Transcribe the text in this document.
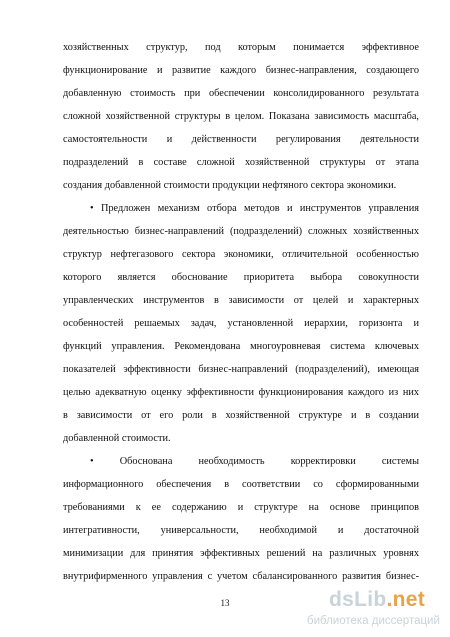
хозяйственных структур, под которым понимается эффективное
функционирование и развитие каждого бизнес-направления, создающего
добавленную стоимость при обеспечении консолидированного результата
сложной хозяйственной структуры в целом. Показана зависимость масштаба,
самостоятельности и действенности регулирования деятельности
подразделений в составе сложной хозяйственной структуры от этапа
создания добавленной стоимости продукции нефтяного сектора экономики.
• Предложен механизм отбора методов и инструментов управления
деятельностью бизнес-направлений (подразделений) сложных хозяйственных
структур нефтегазового сектора экономики, отличительной особенностью
которого является обоснование приоритета выбора совокупности
управленческих инструментов в зависимости от целей и характерных
особенностей решаемых задач, установленной иерархии, горизонта и
функций управления. Рекомендована многоуровневая система ключевых
показателей эффективности бизнес-направлений (подразделений), имеющая
целью адекватную оценку эффективности функционирования каждого из них
в зависимости от его роли в хозяйственной структуре и в создании
добавленной стоимости.
• Обоснована необходимость корректировки системы
информационного обеспечения в соответствии со сформированными
требованиями к ее содержанию и структуре на основе принципов
интегративности, универсальности, необходимой и достаточной
минимизации для принятия эффективных решений на различных уровнях
внутрифирменного управления с учетом сбалансированного развития бизнес-
13	dsLib.net
библиотека диссертаций
